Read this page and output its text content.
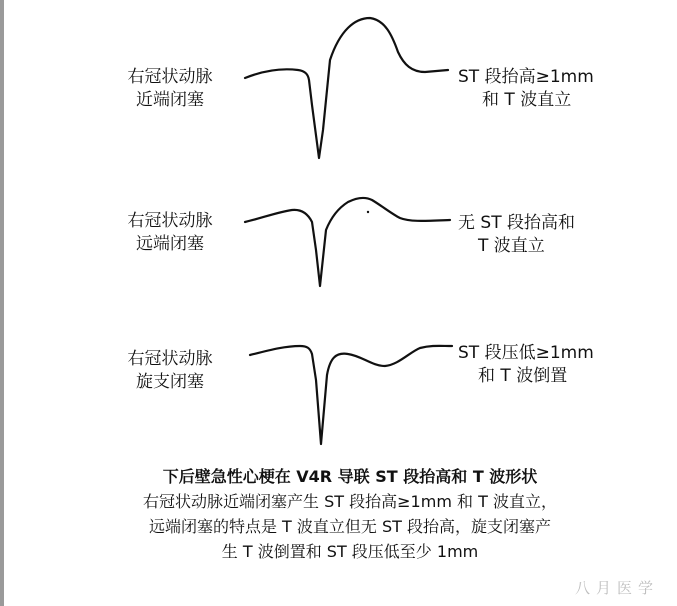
右冠状动脉
近端闭塞
ST 段抬高≥1mm
和 T 波直立
右冠状动脉
远端闭塞
无 ST 段抬高和
T 波直立
右冠状动脉
旋支闭塞
ST 段压低≥1mm
和 T 波倒置
下后壁急性心梗在 V4R 导联 ST 段抬高和 T 波形状
右冠状动脉近端闭塞产生 ST 段抬高≥1mm 和 T 波直立，
远端闭塞的特点是 T 波直立但无 ST 段抬高，旋支闭塞产
生 T 波倒置和 ST 段压低至少 1mm
八月医学
